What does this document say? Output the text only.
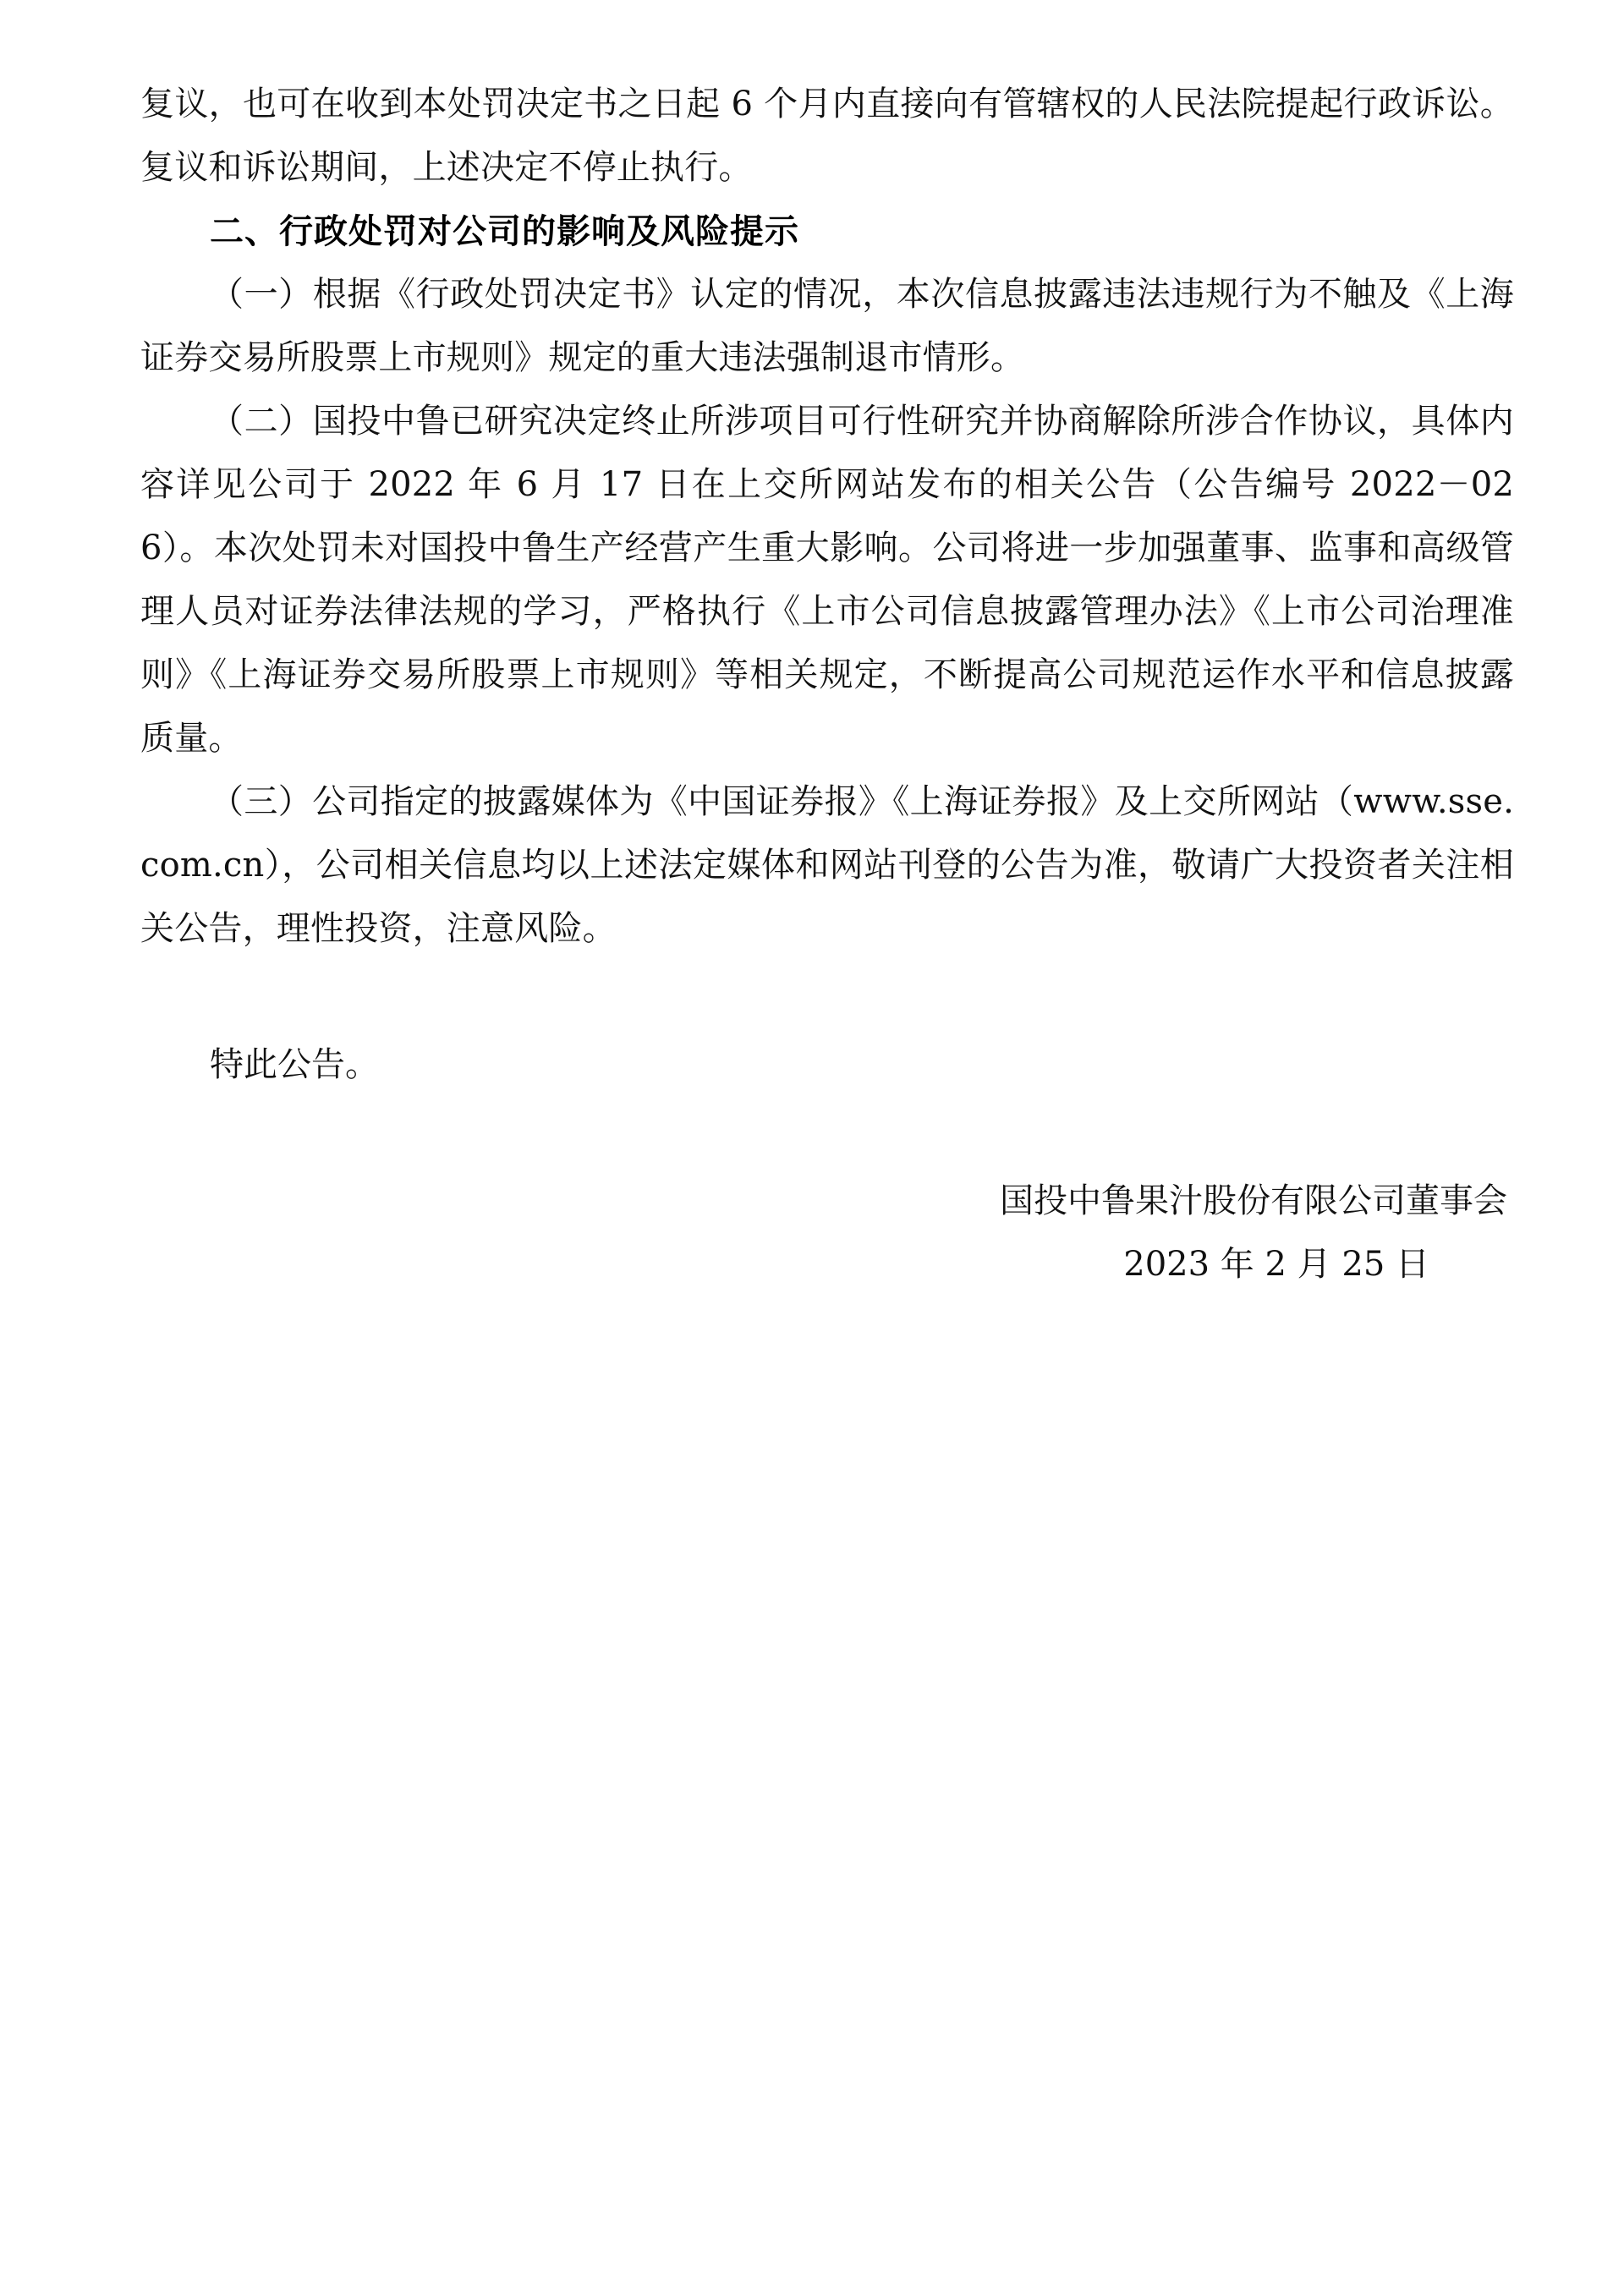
复议，也可在收到本处罚决定书之日起 6 个月内直接向有管辖权的人民法院提起行政诉讼。复议和诉讼期间，上述决定不停止执行。

二、行政处罚对公司的影响及风险提示

（一）根据《行政处罚决定书》认定的情况，本次信息披露违法违规行为不触及《上海证券交易所股票上市规则》规定的重大违法强制退市情形。

（二）国投中鲁已研究决定终止所涉项目可行性研究并协商解除所涉合作协议，具体内容详见公司于 2022 年 6 月 17 日在上交所网站发布的相关公告（公告编号 2022－026）。本次处罚未对国投中鲁生产经营产生重大影响。公司将进一步加强董事、监事和高级管理人员对证券法律法规的学习，严格执行《上市公司信息披露管理办法》《上市公司治理准则》《上海证券交易所股票上市规则》等相关规定，不断提高公司规范运作水平和信息披露质量。

（三）公司指定的披露媒体为《中国证券报》《上海证券报》及上交所网站（www.sse.com.cn），公司相关信息均以上述法定媒体和网站刊登的公告为准，敬请广大投资者关注相关公告，理性投资，注意风险。

特此公告。

国投中鲁果汁股份有限公司董事会

2023 年 2 月 25 日
